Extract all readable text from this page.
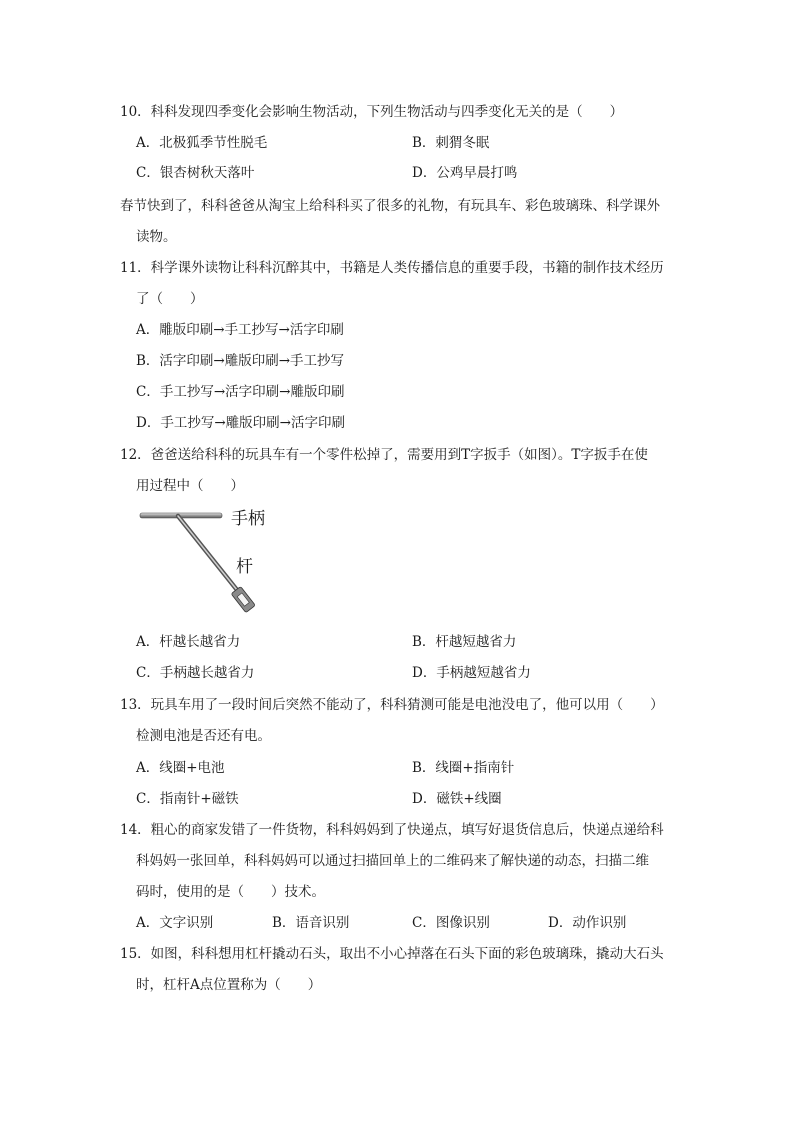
10．科科发现四季变化会影响生物活动，下列生物活动与四季变化无关的是（　　）
A．北极狐季节性脱毛	B．刺猬冬眠
C．银杏树秋天落叶	D．公鸡早晨打鸣
春节快到了，科科爸爸从淘宝上给科科买了很多的礼物，有玩具车、彩色玻璃珠、科学课外
读物。
11．科学课外读物让科科沉醉其中，书籍是人类传播信息的重要手段，书籍的制作技术经历
了（　　）
A．雕版印刷→手工抄写→活字印刷
B．活字印刷→雕版印刷→手工抄写
C．手工抄写→活字印刷→雕版印刷
D．手工抄写→雕版印刷→活字印刷
12．爸爸送给科科的玩具车有一个零件松掉了，需要用到T字扳手（如图）。T字扳手在使
用过程中（　　）
手柄
杆
A．杆越长越省力	B．杆越短越省力
C．手柄越长越省力	D．手柄越短越省力
13．玩具车用了一段时间后突然不能动了，科科猜测可能是电池没电了，他可以用（　　）
检测电池是否还有电。
A．线圈+电池	B．线圈+指南针
C．指南针+磁铁	D．磁铁+线圈
14．粗心的商家发错了一件货物，科科妈妈到了快递点，填写好退货信息后，快递点递给科
科妈妈一张回单，科科妈妈可以通过扫描回单上的二维码来了解快递的动态，扫描二维
码时，使用的是（　　）技术。
A．文字识别	B．语音识别	C．图像识别	D．动作识别
15．如图，科科想用杠杆撬动石头，取出不小心掉落在石头下面的彩色玻璃珠，撬动大石头
时，杠杆A点位置称为（　　）
